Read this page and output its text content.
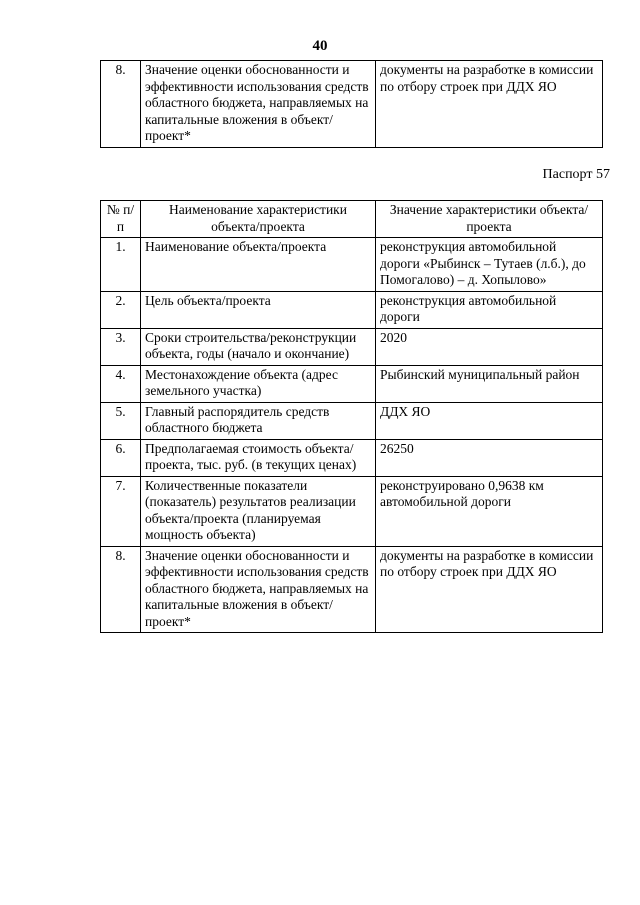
40
8.	Значение оценки обоснованности и эффективности использования средств областного бюджета, направляемых на капитальные вложения в объект/проект*	документы на разработке в комиссии по отбору строек при ДДХ ЯО
Паспорт 57
№ п/п	Наименование характеристики объекта/проекта	Значение характеристики объекта/проекта
1.	Наименование объекта/проекта	реконструкция автомобильной дороги «Рыбинск – Тутаев (л.б.), до Помогалово) – д. Хопылово»
2.	Цель объекта/проекта	реконструкция автомобильной дороги
3.	Сроки строительства/реконструкции объекта, годы (начало и окончание)	2020
4.	Местонахождение объекта (адрес земельного участка)	Рыбинский муниципальный район
5.	Главный распорядитель средств областного бюджета	ДДХ ЯО
6.	Предполагаемая стоимость объекта/проекта, тыс. руб. (в текущих ценах)	26250
7.	Количественные показатели (показатель) результатов реализации объекта/проекта (планируемая мощность объекта)	реконструировано 0,9638 км автомобильной дороги
8.	Значение оценки обоснованности и эффективности использования средств областного бюджета, направляемых на капитальные вложения в объект/проект*	документы на разработке в комиссии по отбору строек при ДДХ ЯО
